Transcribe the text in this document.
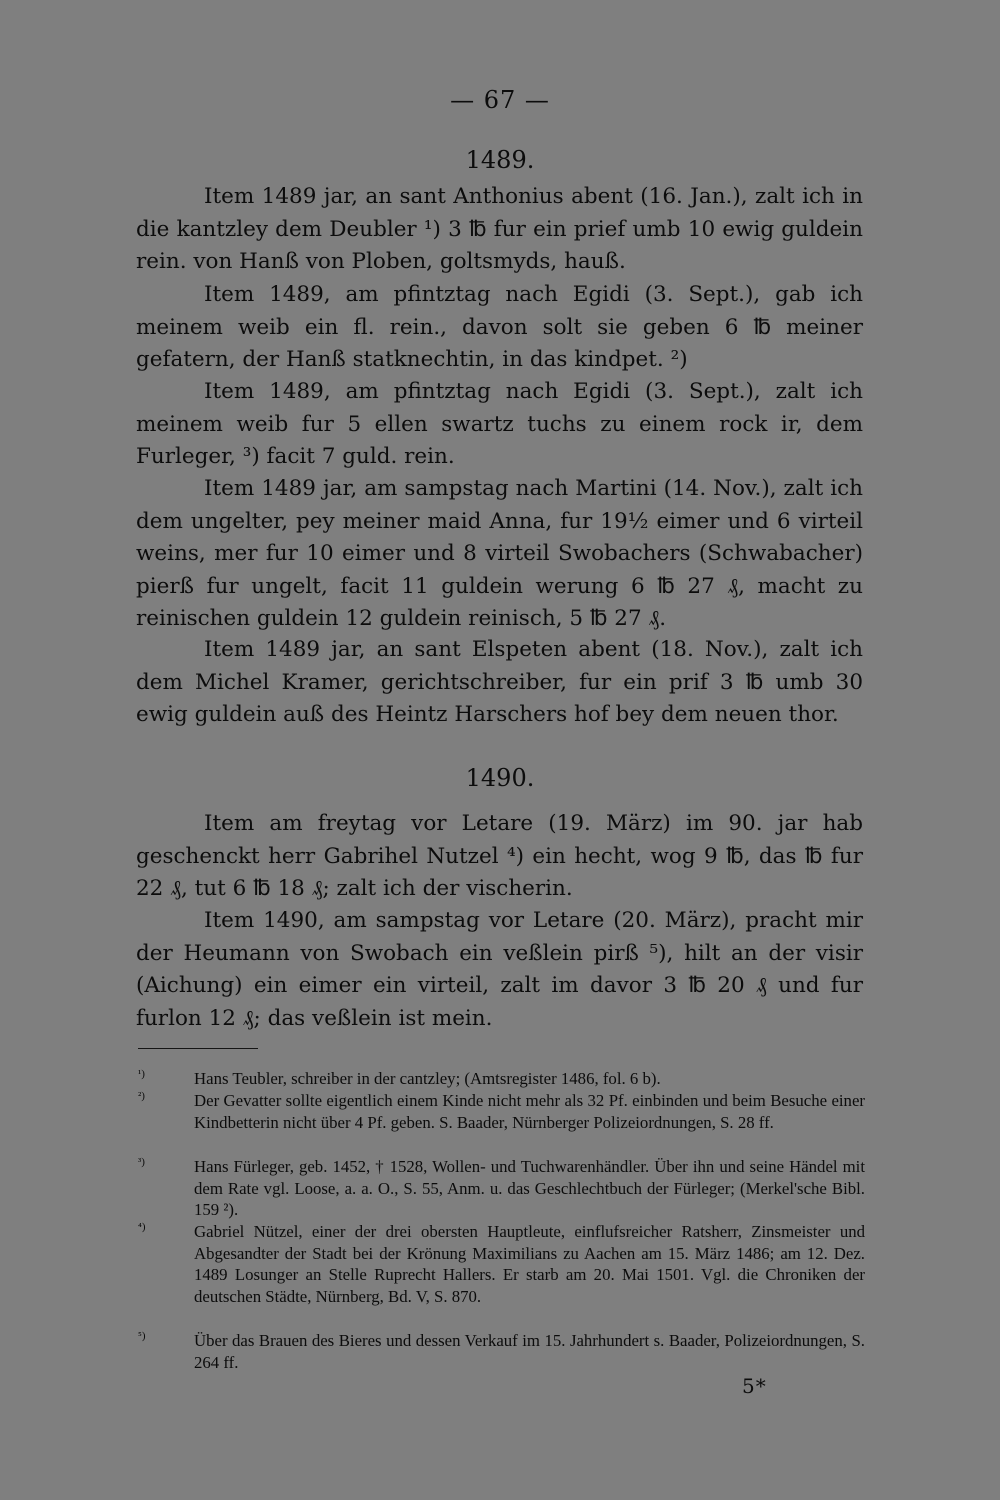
— 67 —
1489.

Item 1489 jar, an sant Anthonius abent (16. Jan.), zalt ich in die kantzley dem Deubler ¹) 3 ℔ fur ein prief umb 10 ewig guldein rein. von Hanß von Ploben, goltsmyds, hauß.

Item 1489, am pfintztag nach Egidi (3. Sept.), gab ich meinem weib ein fl. rein., davon solt sie geben 6 ℔ meiner gefatern, der Hanß statknechtin, in das kindpet. ²)

Item 1489, am pfintztag nach Egidi (3. Sept.), zalt ich meinem weib fur 5 ellen swartz tuchs zu einem rock ir, dem Furleger, ³) facit 7 guld. rein.

Item 1489 jar, am sampstag nach Martini (14. Nov.), zalt ich dem ungelter, pey meiner maid Anna, fur 19½ eimer und 6 virteil weins, mer fur 10 eimer und 8 virteil Swobachers (Schwabacher) pierß fur ungelt, facit 11 guldein werung 6 ℔ 27 ₰, macht zu reinischen guldein 12 guldein reinisch, 5 ℔ 27 ₰.

Item 1489 jar, an sant Elspeten abent (18. Nov.), zalt ich dem Michel Kramer, gerichtschreiber, fur ein prif 3 ℔ umb 30 ewig guldein auß des Heintz Harschers hof bey dem neuen thor.

1490.

Item am freytag vor Letare (19. März) im 90. jar hab geschenckt herr Gabrihel Nutzel ⁴) ein hecht, wog 9 ℔, das ℔ fur 22 ₰, tut 6 ℔ 18 ₰; zalt ich der vischerin.

Item 1490, am sampstag vor Letare (20. März), pracht mir der Heumann von Swobach ein veßlein pirß ⁵), hilt an der visir (Aichung) ein eimer ein virteil, zalt im davor 3 ℔ 20 ₰ und fur furlon 12 ₰; das veßlein ist mein.

¹)	Hans Teubler, schreiber in der cantzley; (Amtsregister 1486, fol. 6 b).

²)	Der Gevatter sollte eigentlich einem Kinde nicht mehr als 32 Pf. einbinden und beim Besuche einer Kindbetterin nicht über 4 Pf. geben. S. Baader, Nürnberger Polizeiordnungen, S. 28 ff.

³)	Hans Fürleger, geb. 1452, † 1528, Wollen- und Tuchwarenhändler. Über ihn und seine Händel mit dem Rate vgl. Loose, a. a. O., S. 55, Anm. u. das Geschlechtbuch der Fürleger; (Merkel'sche Bibl. 159 ²).

⁴)	Gabriel Nützel, einer der drei obersten Hauptleute, einflufsreicher Ratsherr, Zinsmeister und Abgesandter der Stadt bei der Krönung Maximilians zu Aachen am 15. März 1486; am 12. Dez. 1489 Losunger an Stelle Ruprecht Hallers. Er starb am 20. Mai 1501. Vgl. die Chroniken der deutschen Städte, Nürnberg, Bd. V, S. 870.

⁵)	Über das Brauen des Bieres und dessen Verkauf im 15. Jahrhundert s. Baader, Polizeiordnungen, S. 264 ff.

5*
